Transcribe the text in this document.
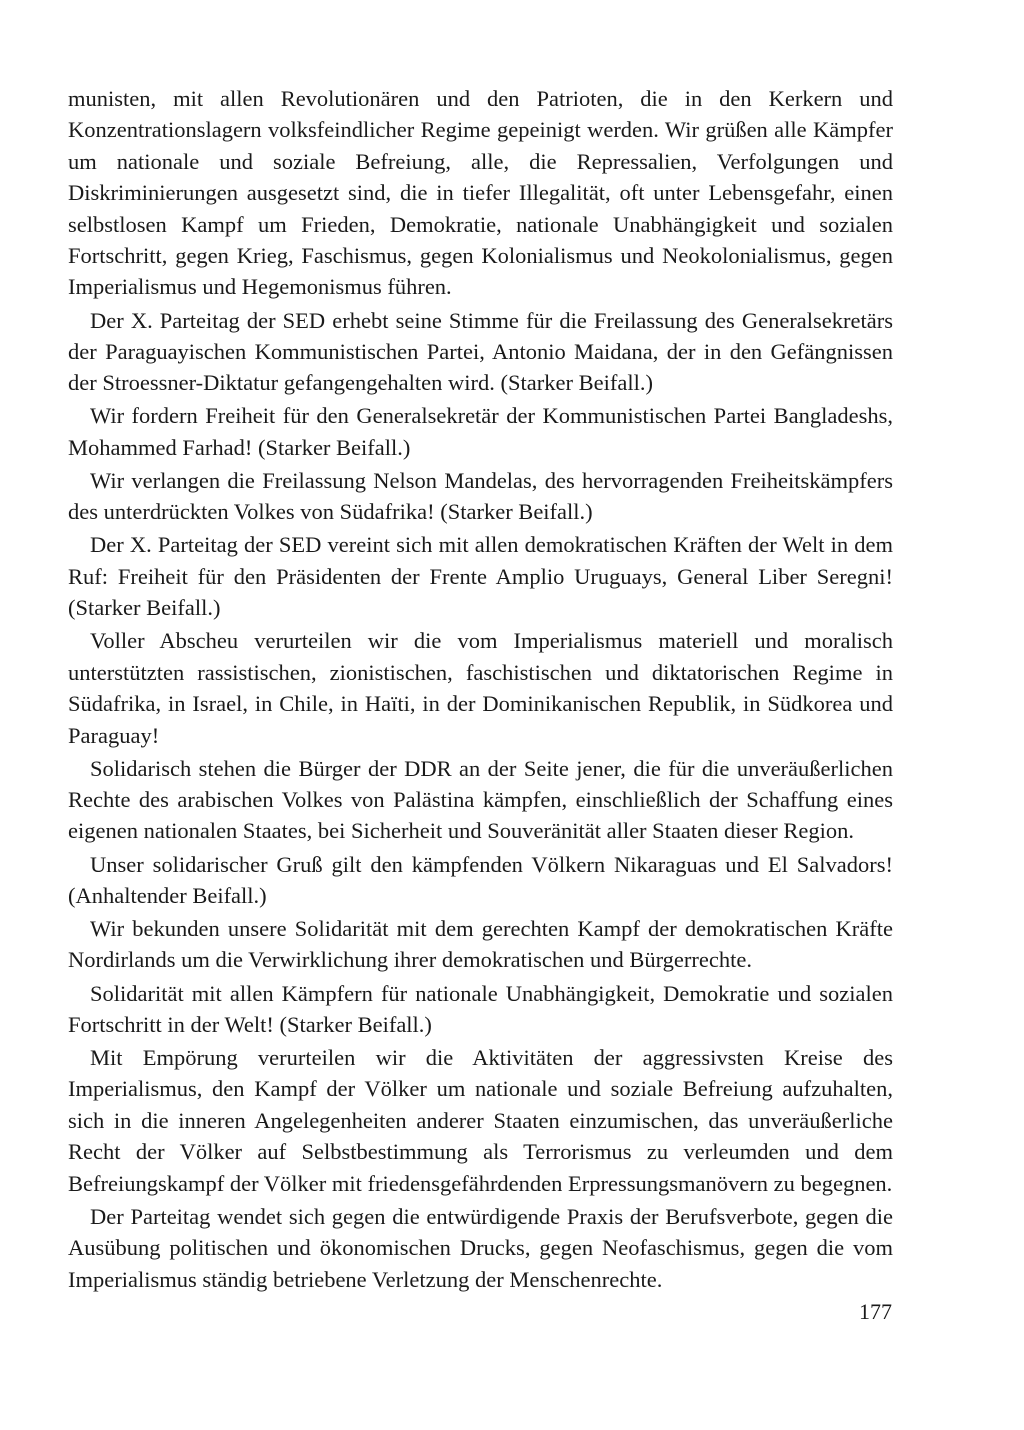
munisten, mit allen Revolutionären und den Patrioten, die in den Kerkern und Konzentrationslagern volksfeindlicher Regime gepeinigt werden. Wir grüßen alle Kämpfer um nationale und soziale Befreiung, alle, die Repressalien, Verfolgungen und Diskriminierungen ausgesetzt sind, die in tiefer Illegalität, oft unter Lebensgefahr, einen selbstlosen Kampf um Frieden, Demokratie, nationale Unabhängigkeit und sozialen Fortschritt, gegen Krieg, Faschismus, gegen Kolonialismus und Neokolonialismus, gegen Imperialismus und Hegemonismus führen.

Der X. Parteitag der SED erhebt seine Stimme für die Freilassung des Generalsekretärs der Paraguayischen Kommunistischen Partei, Antonio Maidana, der in den Gefängnissen der Stroessner-Diktatur gefangengehalten wird. (Starker Beifall.)

Wir fordern Freiheit für den Generalsekretär der Kommunistischen Partei Bangladeshs, Mohammed Farhad! (Starker Beifall.)

Wir verlangen die Freilassung Nelson Mandelas, des hervorragenden Freiheitskämpfers des unterdrückten Volkes von Südafrika! (Starker Beifall.)

Der X. Parteitag der SED vereint sich mit allen demokratischen Kräften der Welt in dem Ruf: Freiheit für den Präsidenten der Frente Amplio Uruguays, General Liber Seregni! (Starker Beifall.)

Voller Abscheu verurteilen wir die vom Imperialismus materiell und moralisch unterstützten rassistischen, zionistischen, faschistischen und diktatorischen Regime in Südafrika, in Israel, in Chile, in Haïti, in der Dominikanischen Republik, in Südkorea und Paraguay!

Solidarisch stehen die Bürger der DDR an der Seite jener, die für die unveräußerlichen Rechte des arabischen Volkes von Palästina kämpfen, einschließlich der Schaffung eines eigenen nationalen Staates, bei Sicherheit und Souveränität aller Staaten dieser Region.

Unser solidarischer Gruß gilt den kämpfenden Völkern Nikaraguas und El Salvadors! (Anhaltender Beifall.)

Wir bekunden unsere Solidarität mit dem gerechten Kampf der demokratischen Kräfte Nordirlands um die Verwirklichung ihrer demokratischen und Bürgerrechte.

Solidarität mit allen Kämpfern für nationale Unabhängigkeit, Demokratie und sozialen Fortschritt in der Welt! (Starker Beifall.)

Mit Empörung verurteilen wir die Aktivitäten der aggressivsten Kreise des Imperialismus, den Kampf der Völker um nationale und soziale Befreiung aufzuhalten, sich in die inneren Angelegenheiten anderer Staaten einzumischen, das unveräußerliche Recht der Völker auf Selbstbestimmung als Terrorismus zu verleumden und dem Befreiungskampf der Völker mit friedensgefährdenden Erpressungsmanövern zu begegnen.

Der Parteitag wendet sich gegen die entwürdigende Praxis der Berufsverbote, gegen die Ausübung politischen und ökonomischen Drucks, gegen Neofaschismus, gegen die vom Imperialismus ständig betriebene Verletzung der Menschenrechte.

177
